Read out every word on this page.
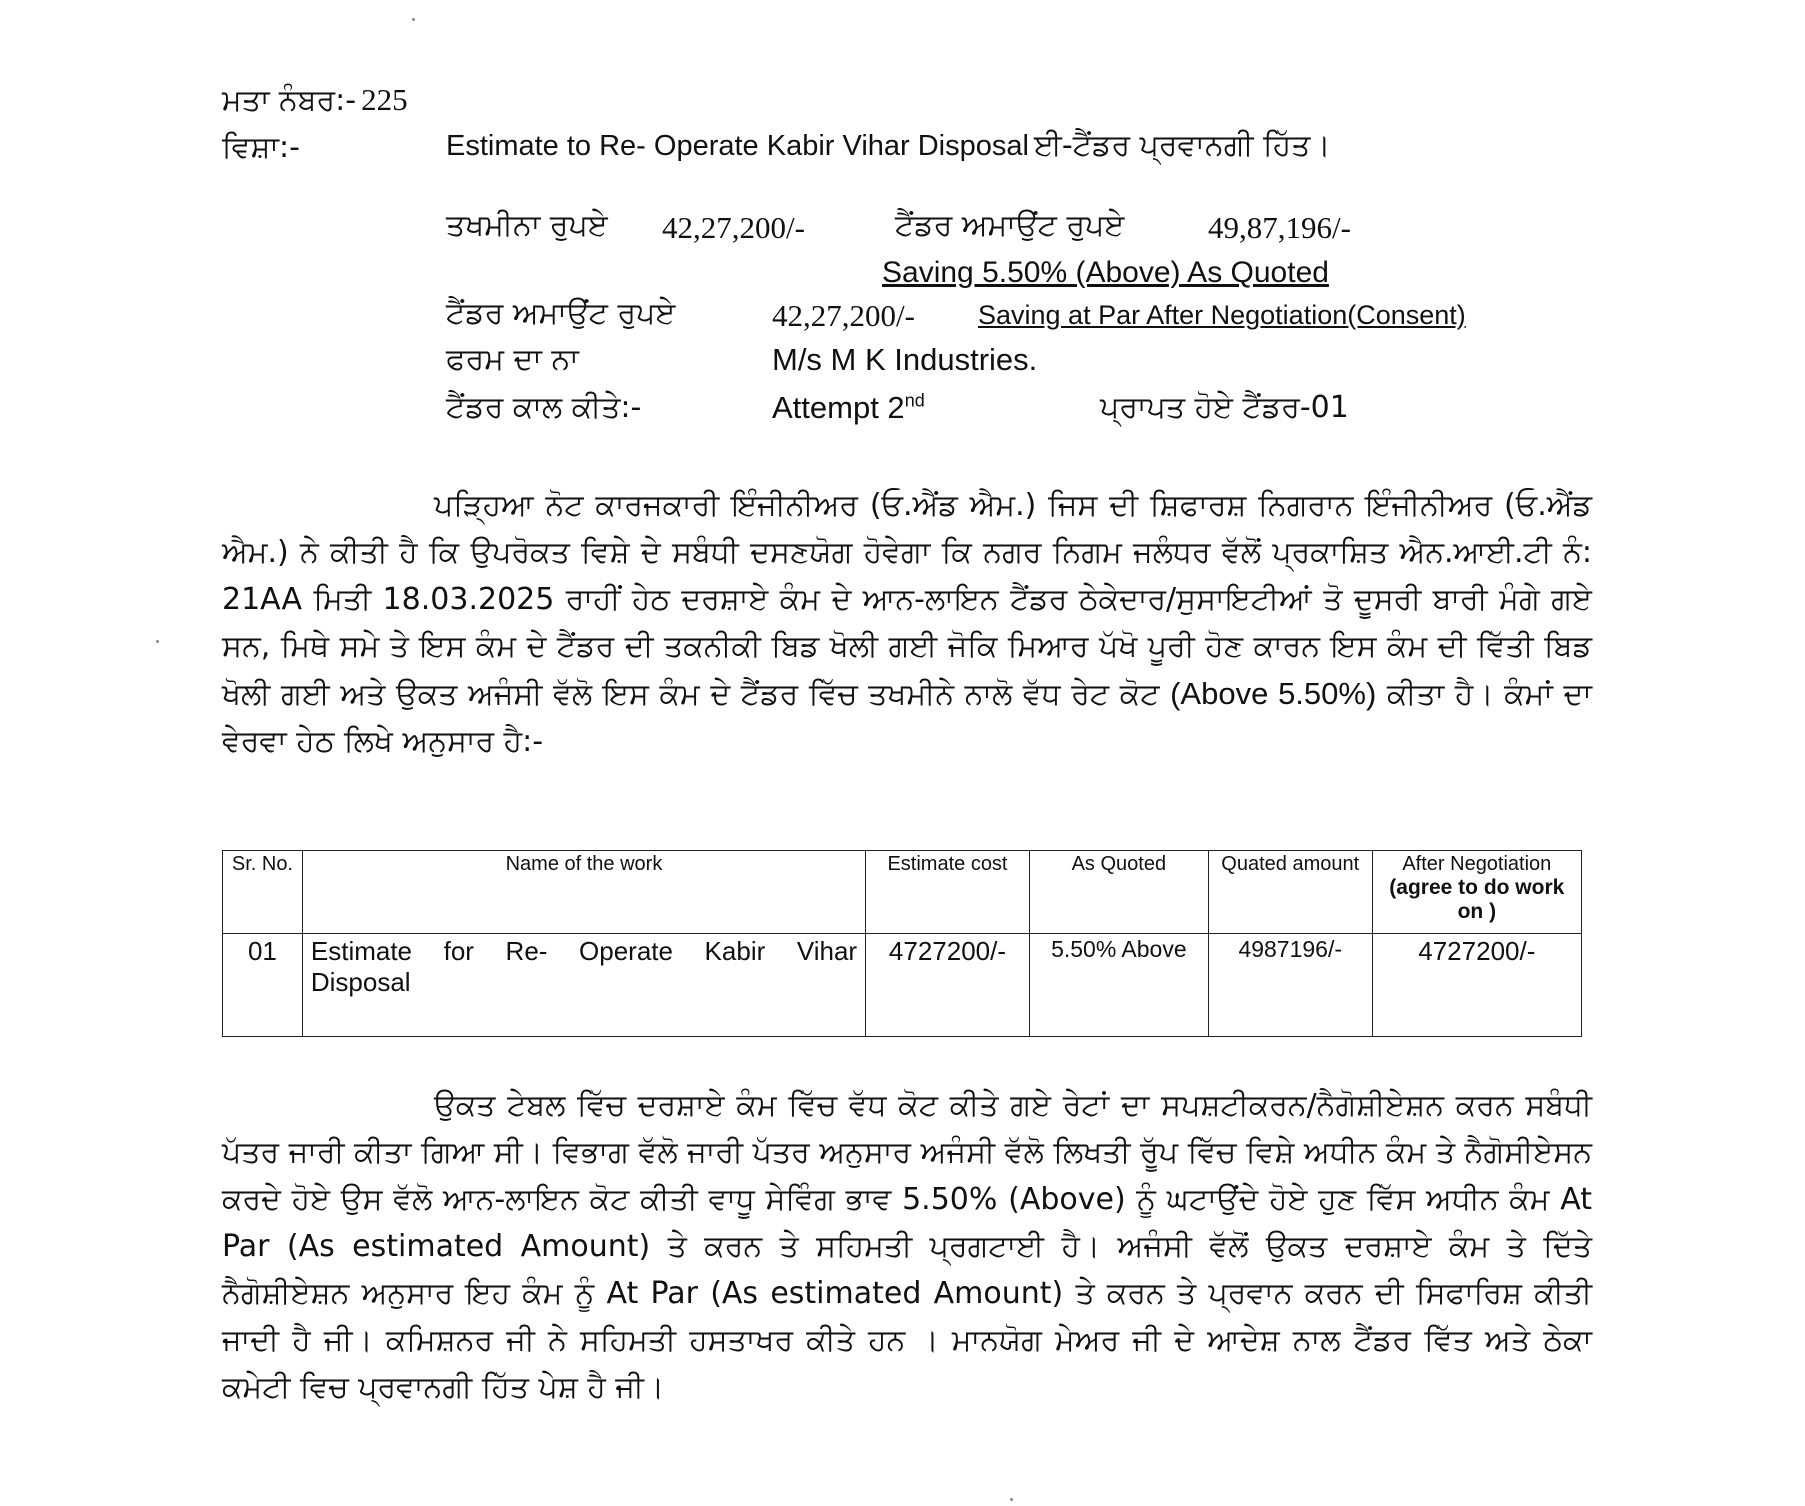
ਮਤਾ ਨੰਬਰ:- 225
ਵਿਸ਼ਾ:-	Estimate to Re- Operate Kabir Vihar Disposal ਈ-ਟੈਂਡਰ ਪ੍ਰਵਾਨਗੀ ਹਿੱਤ।
ਤਖਮੀਨਾ ਰੁਪਏ 42,27,200/-	ਟੈਂਡਰ ਅਮਾਉਂਟ ਰੁਪਏ	49,87,196/-
Saving 5.50% (Above) As Quoted
ਟੈਂਡਰ ਅਮਾਉਂਟ ਰੁਪਏ	42,27,200/- Saving at Par After Negotiation(Consent)
ਫਰਮ ਦਾ ਨਾ	M/s M K Industries.
ਟੈਂਡਰ ਕਾਲ ਕੀਤੇ:-	Attempt 2nd	ਪ੍ਰਾਪਤ ਹੋਏ ਟੈਂਡਰ-01
ਪੜ੍ਹਿਆ ਨੋਟ ਕਾਰਜਕਾਰੀ ਇੰਜੀਨੀਅਰ (ਓ.ਐਂਡ ਐਮ.) ਜਿਸ ਦੀ ਸ਼ਿਫਾਰਸ਼ ਨਿਗਰਾਨ ਇੰਜੀਨੀਅਰ (ਓ.ਐਂਡ ਐਮ.) ਨੇ ਕੀਤੀ ਹੈ ਕਿ ਉਪਰੋਕਤ ਵਿਸ਼ੇ ਦੇ ਸਬੰਧੀ ਦਸਣਯੋਗ ਹੋਵੇਗਾ ਕਿ ਨਗਰ ਨਿਗਮ ਜਲੰਧਰ ਵੱਲੋਂ ਪ੍ਰਕਾਸ਼ਿਤ ਐਨ.ਆਈ.ਟੀ ਨੰ: 21AA ਮਿਤੀ 18.03.2025 ਰਾਹੀਂ ਹੇਠ ਦਰਸ਼ਾਏ ਕੰਮ ਦੇ ਆਨ-ਲਾਇਨ ਟੈਂਡਰ ਠੇਕੇਦਾਰ/ਸੁਸਾਇਟੀਆਂ ਤੋ ਦੂਸਰੀ ਬਾਰੀ ਮੰਗੇ ਗਏ ਸਨ, ਮਿਥੇ ਸਮੇ ਤੇ ਇਸ ਕੰਮ ਦੇ ਟੈਂਡਰ ਦੀ ਤਕਨੀਕੀ ਬਿਡ ਖੋਲੀ ਗਈ ਜੋਕਿ ਮਿਆਰ ਪੱਖੋ ਪੂਰੀ ਹੋਣ ਕਾਰਨ ਇਸ ਕੰਮ ਦੀ ਵਿੱਤੀ ਬਿਡ ਖੋਲੀ ਗਈ ਅਤੇ ਉਕਤ ਅਜੰਸੀ ਵੱਲੋ ਇਸ ਕੰਮ ਦੇ ਟੈਂਡਰ ਵਿੱਚ ਤਖਮੀਨੇ ਨਾਲੋ ਵੱਧ ਰੇਟ ਕੋਟ (Above 5.50%) ਕੀਤਾ ਹੈ। ਕੰਮਾਂ ਦਾ ਵੇਰਵਾ ਹੇਠ ਲਿਖੇ ਅਨੁਸਾਰ ਹੈ:-
Sr. No.	Name of the work	Estimate cost	As Quoted	Quated amount	After Negotiation
(agree to do work on )
01	Estimate for Re- Operate Kabir Vihar Disposal	4727200/-	5.50% Above	4987196/-	4727200/-
ਉਕਤ ਟੇਬਲ ਵਿੱਚ ਦਰਸ਼ਾਏ ਕੰਮ ਵਿੱਚ ਵੱਧ ਕੋਟ ਕੀਤੇ ਗਏ ਰੇਟਾਂ ਦਾ ਸਪਸ਼ਟੀਕਰਨ/ਨੈਗੋਸ਼ੀਏਸ਼ਨ ਕਰਨ ਸਬੰਧੀ ਪੱਤਰ ਜਾਰੀ ਕੀਤਾ ਗਿਆ ਸੀ। ਵਿਭਾਗ ਵੱਲੋ ਜਾਰੀ ਪੱਤਰ ਅਨੁਸਾਰ ਅਜੰਸੀ ਵੱਲੋ ਲਿਖਤੀ ਰੂੱਪ ਵਿੱਚ ਵਿਸ਼ੇ ਅਧੀਨ ਕੰਮ ਤੇ ਨੈਗੋਸੀਏਸਨ ਕਰਦੇ ਹੋਏ ਉਸ ਵੱਲੋ ਆਨ-ਲਾਇਨ ਕੋਟ ਕੀਤੀ ਵਾਧੂ ਸੇਵਿੰਗ ਭਾਵ 5.50% (Above) ਨੂੰ ਘਟਾਉਂਦੇ ਹੋਏ ਹੁਣ ਵਿੱਸ ਅਧੀਨ ਕੰਮ At Par (As estimated Amount) ਤੇ ਕਰਨ ਤੇ ਸਹਿਮਤੀ ਪ੍ਰਗਟਾਈ ਹੈ। ਅਜੰਸੀ ਵੱਲੋਂ ਉਕਤ ਦਰਸ਼ਾਏ ਕੰਮ ਤੇ ਦਿੱਤੇ ਨੈਗੋਸ਼ੀਏਸ਼ਨ ਅਨੁਸਾਰ ਇਹ ਕੰਮ ਨੂੰ At Par (As estimated Amount) ਤੇ ਕਰਨ ਤੇ ਪ੍ਰਵਾਨ ਕਰਨ ਦੀ ਸਿਫਾਰਿਸ਼ ਕੀਤੀ ਜਾਦੀ ਹੈ ਜੀ। ਕਮਿਸ਼ਨਰ ਜੀ ਨੇ ਸਹਿਮਤੀ ਹਸਤਾਖਰ ਕੀਤੇ ਹਨ । ਮਾਨਯੋਗ ਮੇਅਰ ਜੀ ਦੇ ਆਦੇਸ਼ ਨਾਲ ਟੈਂਡਰ ਵਿੱਤ ਅਤੇ ਠੇਕਾ ਕਮੇਟੀ ਵਿਚ ਪ੍ਰਵਾਨਗੀ ਹਿੱਤ ਪੇਸ਼ ਹੈ ਜੀ।
